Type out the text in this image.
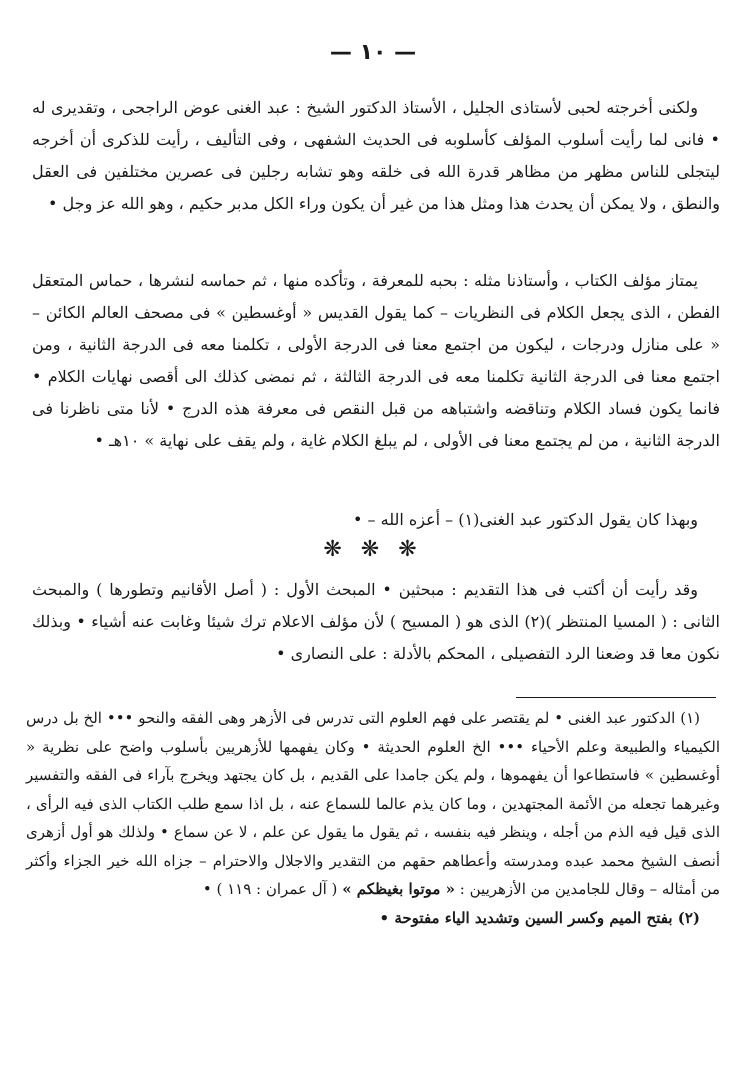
— ١٠ —

ولكنى أخرجته لحبى لأستاذى الجليل ، الأستاذ الدكتور الشيخ : عبد الغنى عوض الراجحى ، وتقديرى له • فانى لما رأيت أسلوب المؤلف كأسلوبه فى الحديث الشفهى ، وفى التأليف ، رأيت للذكرى أن أخرجه ليتجلى للناس مظهر من مظاهر قدرة الله فى خلقه وهو تشابه رجلين فى عصرين مختلفين فى العقل والنطق ، ولا يمكن أن يحدث هذا ومثل هذا من غير أن يكون وراء الكل مدبر حكيم ، وهو الله عز وجل •

يمتاز مؤلف الكتاب ، وأستاذنا مثله : بحبه للمعرفة ، وتأكده منها ، ثم حماسه لنشرها ، حماس المتعقل الفطن ، الذى يجعل الكلام فى النظريات – كما يقول القديس « أوغسطين » فى مصحف العالم الكائن – « على منازل ودرجات ، ليكون من اجتمع معنا فى الدرجة الأولى ، تكلمنا معه فى الدرجة الثانية ، ومن اجتمع معنا فى الدرجة الثانية تكلمنا معه فى الدرجة الثالثة ، ثم نمضى كذلك الى أقصى نهايات الكلام • فانما يكون فساد الكلام وتناقضه واشتباهه من قبل النقص فى معرفة هذه الدرج • لأنا متى ناظرنا فى الدرجة الثانية ، من لم يجتمع معنا فى الأولى ، لم يبلغ الكلام غاية ، ولم يقف على نهاية » ١٠هـ •

وبهذا كان يقول الدكتور عبد الغنى(١) – أعزه الله – •

❋ ❋ ❋

وقد رأيت أن أكتب فى هذا التقديم : مبحثين • المبحث الأول : ( أصل الأقانيم وتطورها ) والمبحث الثانى : ( المسيا المنتظر )(٢) الذى هو ( المسيح ) لأن مؤلف الاعلام ترك شيئا وغابت عنه أشياء • وبذلك نكون معا قد وضعنا الرد التفصيلى ، المحكم بالأدلة : على النصارى •

(١) الدكتور عبد الغنى • لم يقتصر على فهم العلوم التى تدرس فى الأزهر وهى الفقه والنحو ••• الخ بل درس الكيمياء والطبيعة وعلم الأحياء ••• الخ العلوم الحديثة • وكان يفهمها للأزهريين بأسلوب واضح على نظرية « أوغسطين » فاستطاعوا أن يفهموها ، ولم يكن جامدا على القديم ، بل كان يجتهد ويخرج بآراء فى الفقه والتفسير وغيرهما تجعله من الأئمة المجتهدين ، وما كان يذم عالما للسماع عنه ، بل اذا سمع طلب الكتاب الذى فيه الرأى ، الذى قيل فيه الذم من أجله ، وينظر فيه بنفسه ، ثم يقول ما يقول عن علم ، لا عن سماع • ولذلك هو أول أزهرى أنصف الشيخ محمد عبده ومدرسته وأعطاهم حقهم من التقدير والاجلال والاحترام – جزاه الله خير الجزاء وأكثر من أمثاله – وقال للجامدين من الأزهريين : « موتوا بغيظكم » ( آل عمران : ١١٩ ) •

(٢) بفتح الميم وكسر السين وتشديد الياء مفتوحة •
